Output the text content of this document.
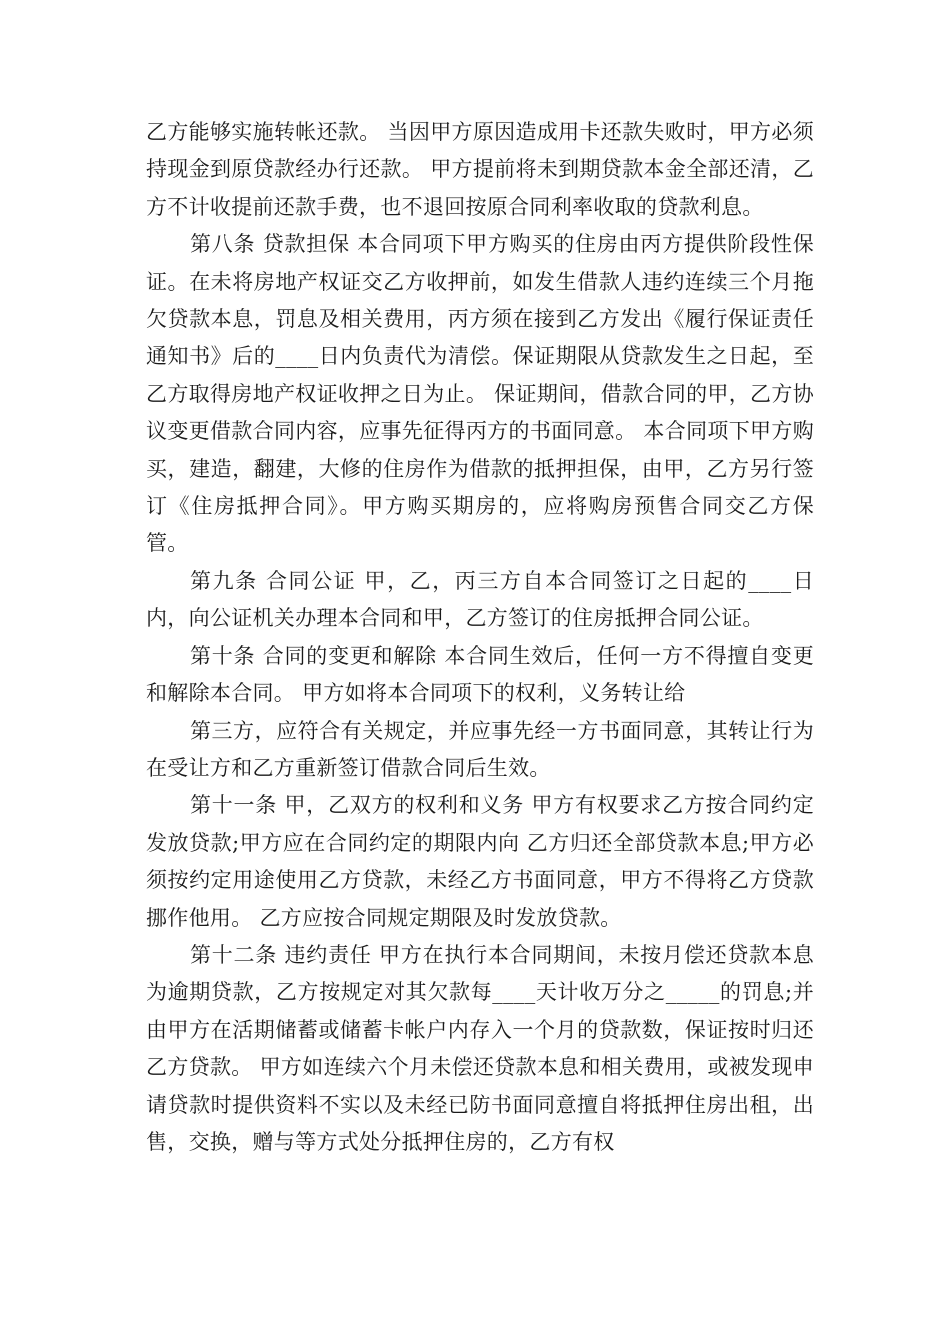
乙方能够实施转帐还款。 当因甲方原因造成用卡还款失败时，甲方必须持现金到原贷款经办行还款。 甲方提前将未到期贷款本金全部还清，乙方不计收提前还款手费，也不退回按原合同利率收取的贷款利息。

第八条 贷款担保 本合同项下甲方购买的住房由丙方提供阶段性保证。在未将房地产权证交乙方收押前，如发生借款人违约连续三个月拖欠贷款本息，罚息及相关费用，丙方须在接到乙方发出《履行保证责任通知书》后的____日内负责代为清偿。保证期限从贷款发生之日起，至乙方取得房地产权证收押之日为止。 保证期间，借款合同的甲，乙方协议变更借款合同内容，应事先征得丙方的书面同意。 本合同项下甲方购买，建造，翻建，大修的住房作为借款的抵押担保，由甲，乙方另行签订《住房抵押合同》。甲方购买期房的，应将购房预售合同交乙方保管。

第九条 合同公证 甲，乙，丙三方自本合同签订之日起的____日内，向公证机关办理本合同和甲，乙方签订的住房抵押合同公证。

第十条 合同的变更和解除 本合同生效后，任何一方不得擅自变更和解除本合同。 甲方如将本合同项下的权利，义务转让给

第三方，应符合有关规定，并应事先经一方书面同意，其转让行为在受让方和乙方重新签订借款合同后生效。

第十一条 甲，乙双方的权利和义务 甲方有权要求乙方按合同约定发放贷款;甲方应在合同约定的期限内向 乙方归还全部贷款本息;甲方必须按约定用途使用乙方贷款，未经乙方书面同意，甲方不得将乙方贷款挪作他用。 乙方应按合同规定期限及时发放贷款。

第十二条 违约责任 甲方在执行本合同期间，未按月偿还贷款本息为逾期贷款，乙方按规定对其欠款每____天计收万分之_____的罚息;并由甲方在活期储蓄或储蓄卡帐户内存入一个月的贷款数，保证按时归还乙方贷款。 甲方如连续六个月未偿还贷款本息和相关费用，或被发现申请贷款时提供资料不实以及未经已防书面同意擅自将抵押住房出租，出售，交换，赠与等方式处分抵押住房的，乙方有权
